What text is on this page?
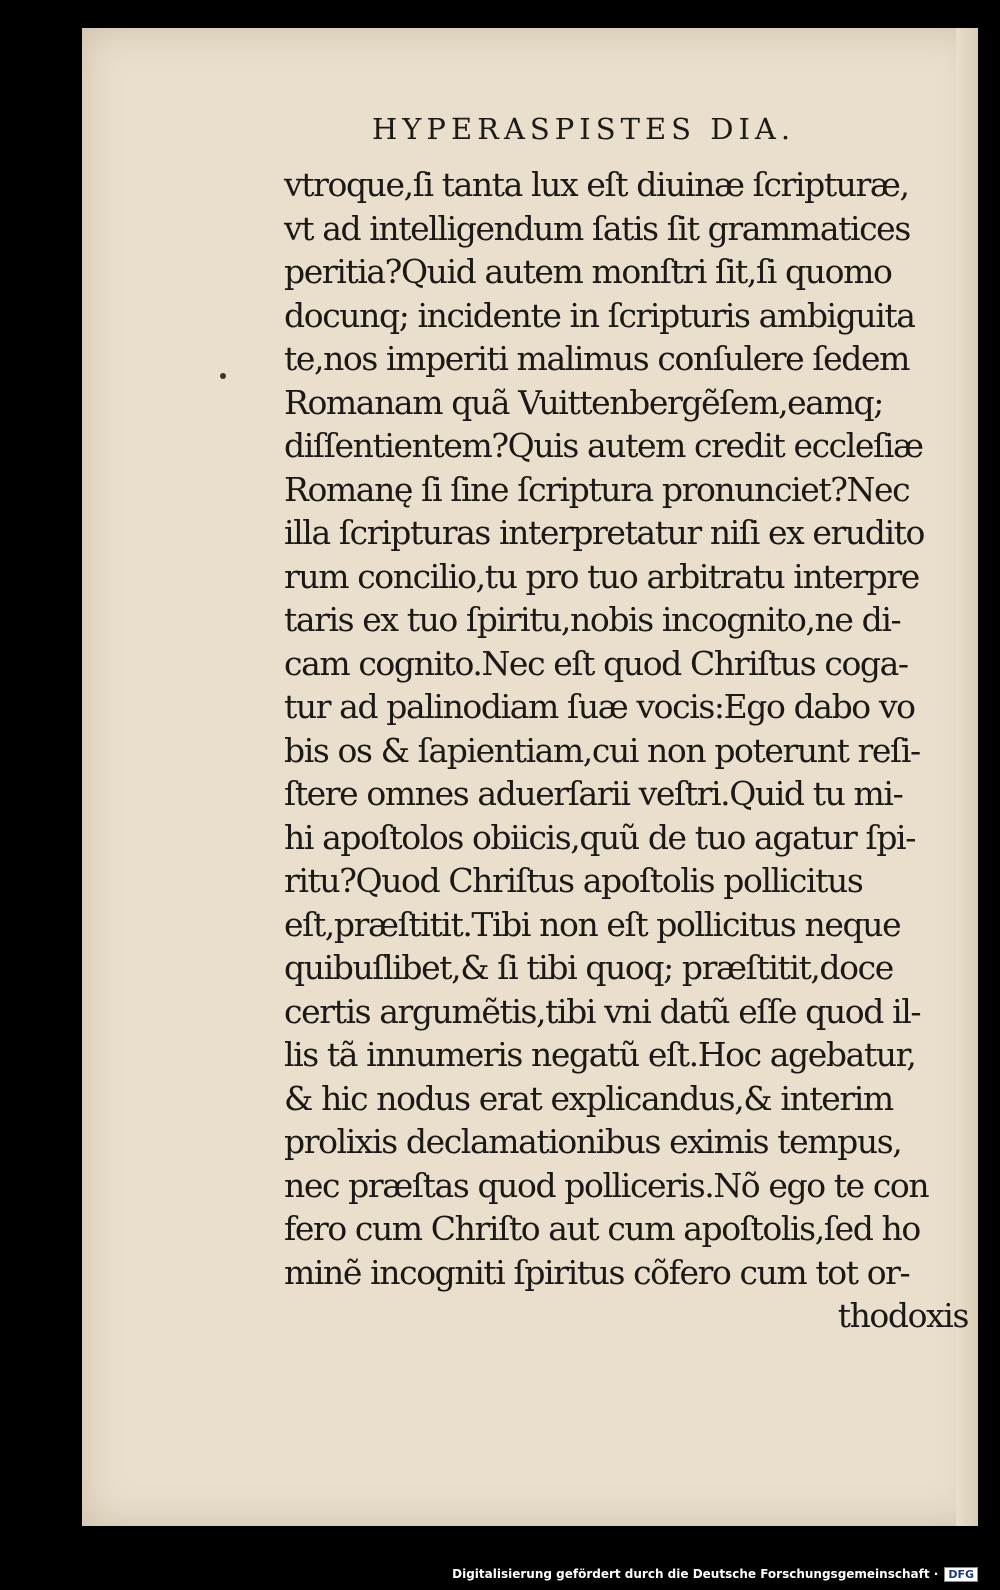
HYPERASPISTES DIA.
vtroque,ſi tanta lux eſt diuinæ ſcripturæ,
vt ad intelligendum ſatis ſit grammatices
peritia?Quid autem monſtri ſit,ſi quomo
docunq; incidente in ſcripturis ambiguita
te,nos imperiti malimus conſulere ſedem
Romanam quã Vuittenbergẽſem,eamq;
diſſentientem?Quis autem credit eccleſiæ
Romanę ſi ſine ſcriptura pronunciet?Nec
illa ſcripturas interpretatur niſi ex erudito
rum concilio,tu pro tuo arbitratu interpre
taris ex tuo ſpiritu,nobis incognito,ne di-
cam cognito.Nec eſt quod Chriſtus coga-
tur ad palinodiam ſuæ vocis:Ego dabo vo
bis os & ſapientiam,cui non poterunt reſi-
ſtere omnes aduerſarii veſtri.Quid tu mi-
hi apoſtolos obiicis,quũ de tuo agatur ſpi-
ritu?Quod Chriſtus apoſtolis pollicitus
eſt,præſtitit.Tibi non eſt pollicitus neque
quibuſlibet,& ſi tibi quoq; præſtitit,doce
certis argumẽtis,tibi vni datũ eſſe quod il-
lis tã innumeris negatũ eſt.Hoc agebatur,
& hic nodus erat explicandus,& interim
prolixis declamationibus eximis tempus,
nec præſtas quod polliceris.Nõ ego te con
fero cum Chriſto aut cum apoſtolis,ſed ho
minẽ incogniti ſpiritus cõfero cum tot or-
thodoxis
Digitalisierung gefördert durch die Deutsche Forschungsgemeinschaft · DFG
